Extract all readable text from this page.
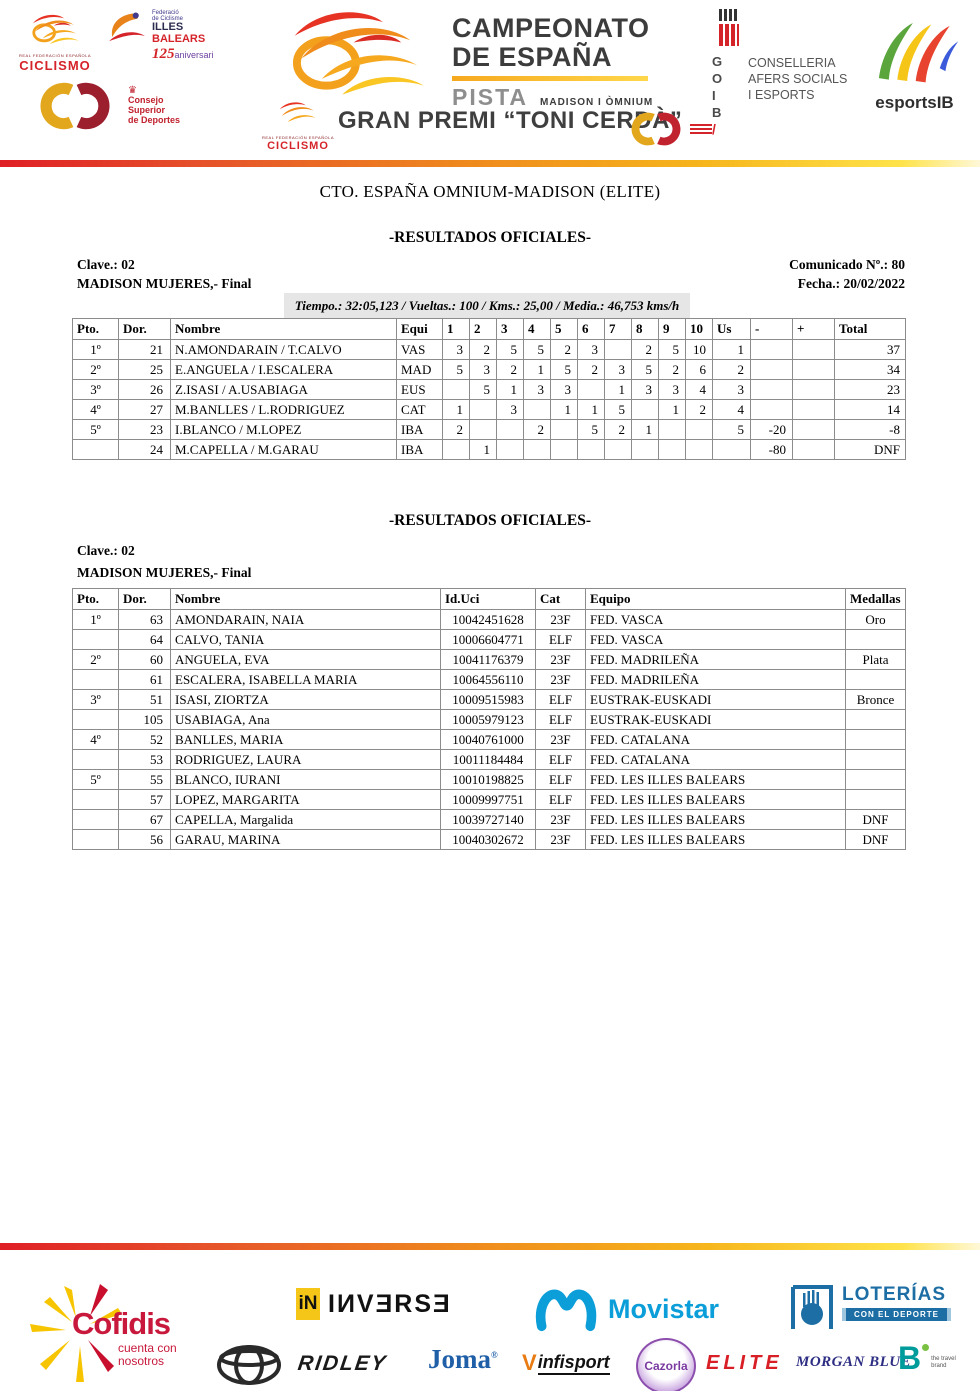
REAL FEDERACIÓN ESPAÑOLA
CICLISMO
Federació
de Ciclisme
ILLES
BALEARS
125aniversari
♛
Consejo
Superior
de Deportes
CAMPEONATO
DE ESPAÑA
PISTA MADISON I ÒMNIUM
REAL FEDERACIÓN ESPAÑOLA
CICLISMO
GRAN PREMI “TONI CERDÀ”
G
O
I
B
/
CONSELLERIA
AFERS SOCIALS
I ESPORTS	esportsIB
CTO. ESPAÑA OMNIUM-MADISON (ELITE)
-RESULTADOS OFICIALES-
Clave.: 02	Comunicado Nº.: 80
MADISON MUJERES,- Final	Fecha.: 20/02/2022
Tiempo.: 32:05,123 / Vueltas.: 100 / Kms.: 25,00 / Media.: 46,753 kms/h
Pto.	Dor.	Nombre	Equi	1	2	3	4	5	6	7	8	9	10	Us	-	+	Total
1º	21	N.AMONDARAIN / T.CALVO	VAS	3	2	5	5	2	3		2	5	10	1			37
2º	25	E.ANGUELA / I.ESCALERA	MAD	5	3	2	1	5	2	3	5	2	6	2			34
3º	26	Z.ISASI / A.USABIAGA	EUS		5	1	3	3		1	3	3	4	3			23
4º	27	M.BANLLES / L.RODRIGUEZ	CAT	1		3		1	1	5		1	2	4			14
5º	23	I.BLANCO / M.LOPEZ	IBA	2			2		5	2	1			5	-20		-8
	24	M.CAPELLA / M.GARAU	IBA		1										-80		DNF
-RESULTADOS OFICIALES-
Clave.: 02
MADISON MUJERES,- Final
Pto.	Dor.	Nombre	Id.Uci	Cat	Equipo	Medallas
1º	63	AMONDARAIN, NAIA	10042451628	23F	FED. VASCA	Oro
	64	CALVO, TANIA	10006604771	ELF	FED. VASCA	
2º	60	ANGUELA, EVA	10041176379	23F	FED. MADRILEÑA	Plata
	61	ESCALERA, ISABELLA MARIA	10064556110	23F	FED. MADRILEÑA	
3º	51	ISASI, ZIORTZA	10009515983	ELF	EUSTRAK-EUSKADI	Bronce
	105	USABIAGA, Ana	10005979123	ELF	EUSTRAK-EUSKADI	
4º	52	BANLLES, MARIA	10040761000	23F	FED. CATALANA	
	53	RODRIGUEZ, LAURA	10011184484	ELF	FED. CATALANA	
5º	55	BLANCO, IURANI	10010198825	ELF	FED. LES ILLES BALEARS	
	57	LOPEZ, MARGARITA	10009997751	ELF	FED. LES ILLES BALEARS	
	67	CAPELLA, Margalida	10039727140	23F	FED. LES ILLES BALEARS	DNF
	56	GARAU, MARINA	10040302672	23F	FED. LES ILLES BALEARS	DNF
Cofidis
cuenta con
nosotros
iN IИVƎRSƎ	Movistar	LOTERÍAS
CON EL DEPORTE
RIDLEY Joma® V infisport	Cazorla ELITE MORGAN BLUE
B the travel
brand
